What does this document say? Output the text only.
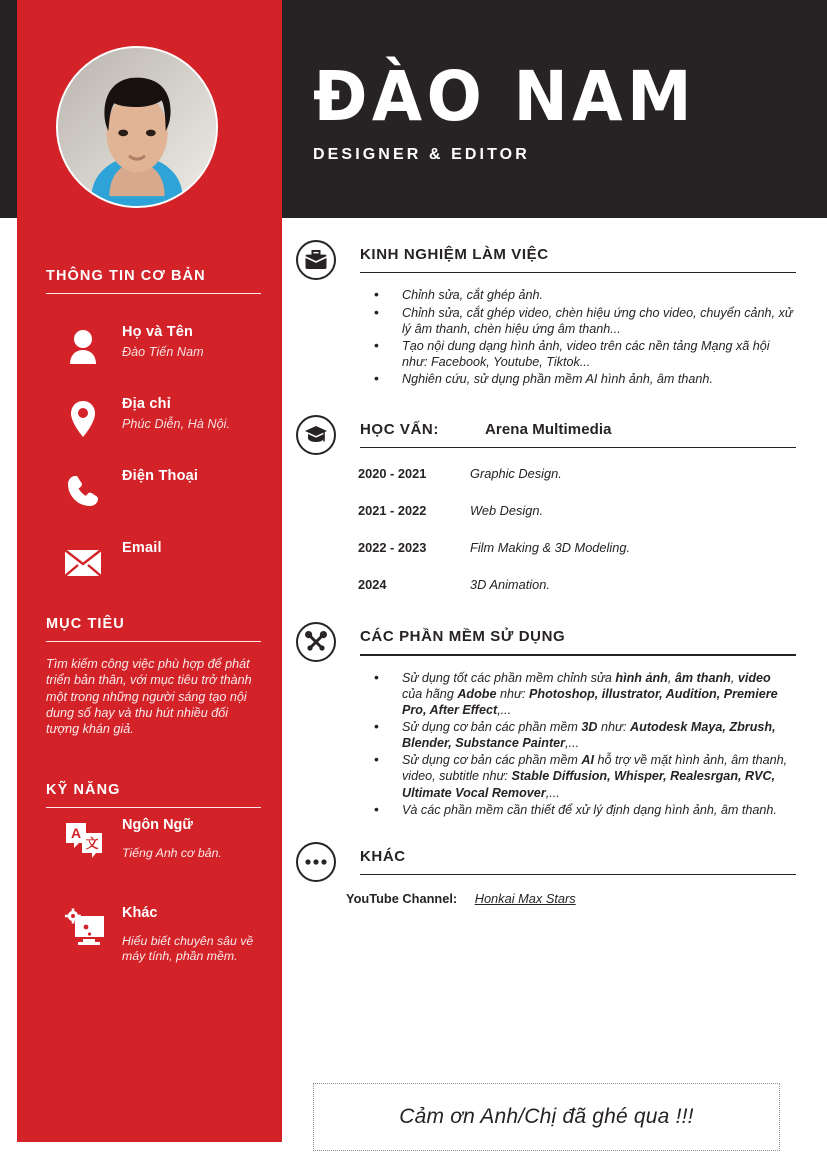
ĐÀO NAM
DESIGNER & EDITOR
THÔNG TIN CƠ BẢN
Họ và Tên
Đào Tiến Nam
Địa chỉ
Phúc Diễn, Hà Nội.
Điện Thoại
Email
MỤC TIÊU
Tìm kiếm công việc phù hợp để phát triển bản thân, với mục tiêu trở thành một trong những người sáng tạo nội dung số hay và thu hút nhiều đối tượng khán giả.
KỸ NĂNG
A
文
Ngôn Ngữ
Tiếng Anh cơ bản.
Khác
Hiểu biết chuyên sâu về máy tính, phần mềm.
KINH NGHIỆM LÀM VIỆC
• Chỉnh sửa, cắt ghép ảnh.
• Chỉnh sửa, cắt ghép video, chèn hiệu ứng cho video, chuyển cảnh, xử lý âm thanh, chèn hiệu ứng âm thanh...
• Tạo nội dung dạng hình ảnh, video trên các nền tảng Mạng xã hội như: Facebook, Youtube, Tiktok...
• Nghiên cứu, sử dụng phần mềm AI hình ảnh, âm thanh.
HỌC VẤN:	Arena Multimedia
2020 - 2021	Graphic Design.
2021 - 2022	Web Design.
2022 - 2023	Film Making & 3D Modeling.
2024	3D Animation.
CÁC PHẦN MỀM SỬ DỤNG
• Sử dụng tốt các phần mềm chỉnh sửa hình ảnh, âm thanh, video  của hãng Adobe như: Photoshop, illustrator, Audition, Premiere Pro, After Effect,...
• Sử dụng cơ bản các phần mềm 3D như: Autodesk Maya, Zbrush, Blender, Substance Painter,...
• Sử dụng cơ bản các phần mềm AI hỗ trợ về mặt hình ảnh, âm thanh, video, subtitle như: Stable Diffusion, Whisper, Realesrgan, RVC, Ultimate Vocal Remover,...
• Và các phần mềm cần thiết để xử lý định dạng hình ảnh, âm thanh.
KHÁC
YouTube Channel: Honkai Max Stars
Cảm ơn Anh/Chị đã ghé qua !!!
